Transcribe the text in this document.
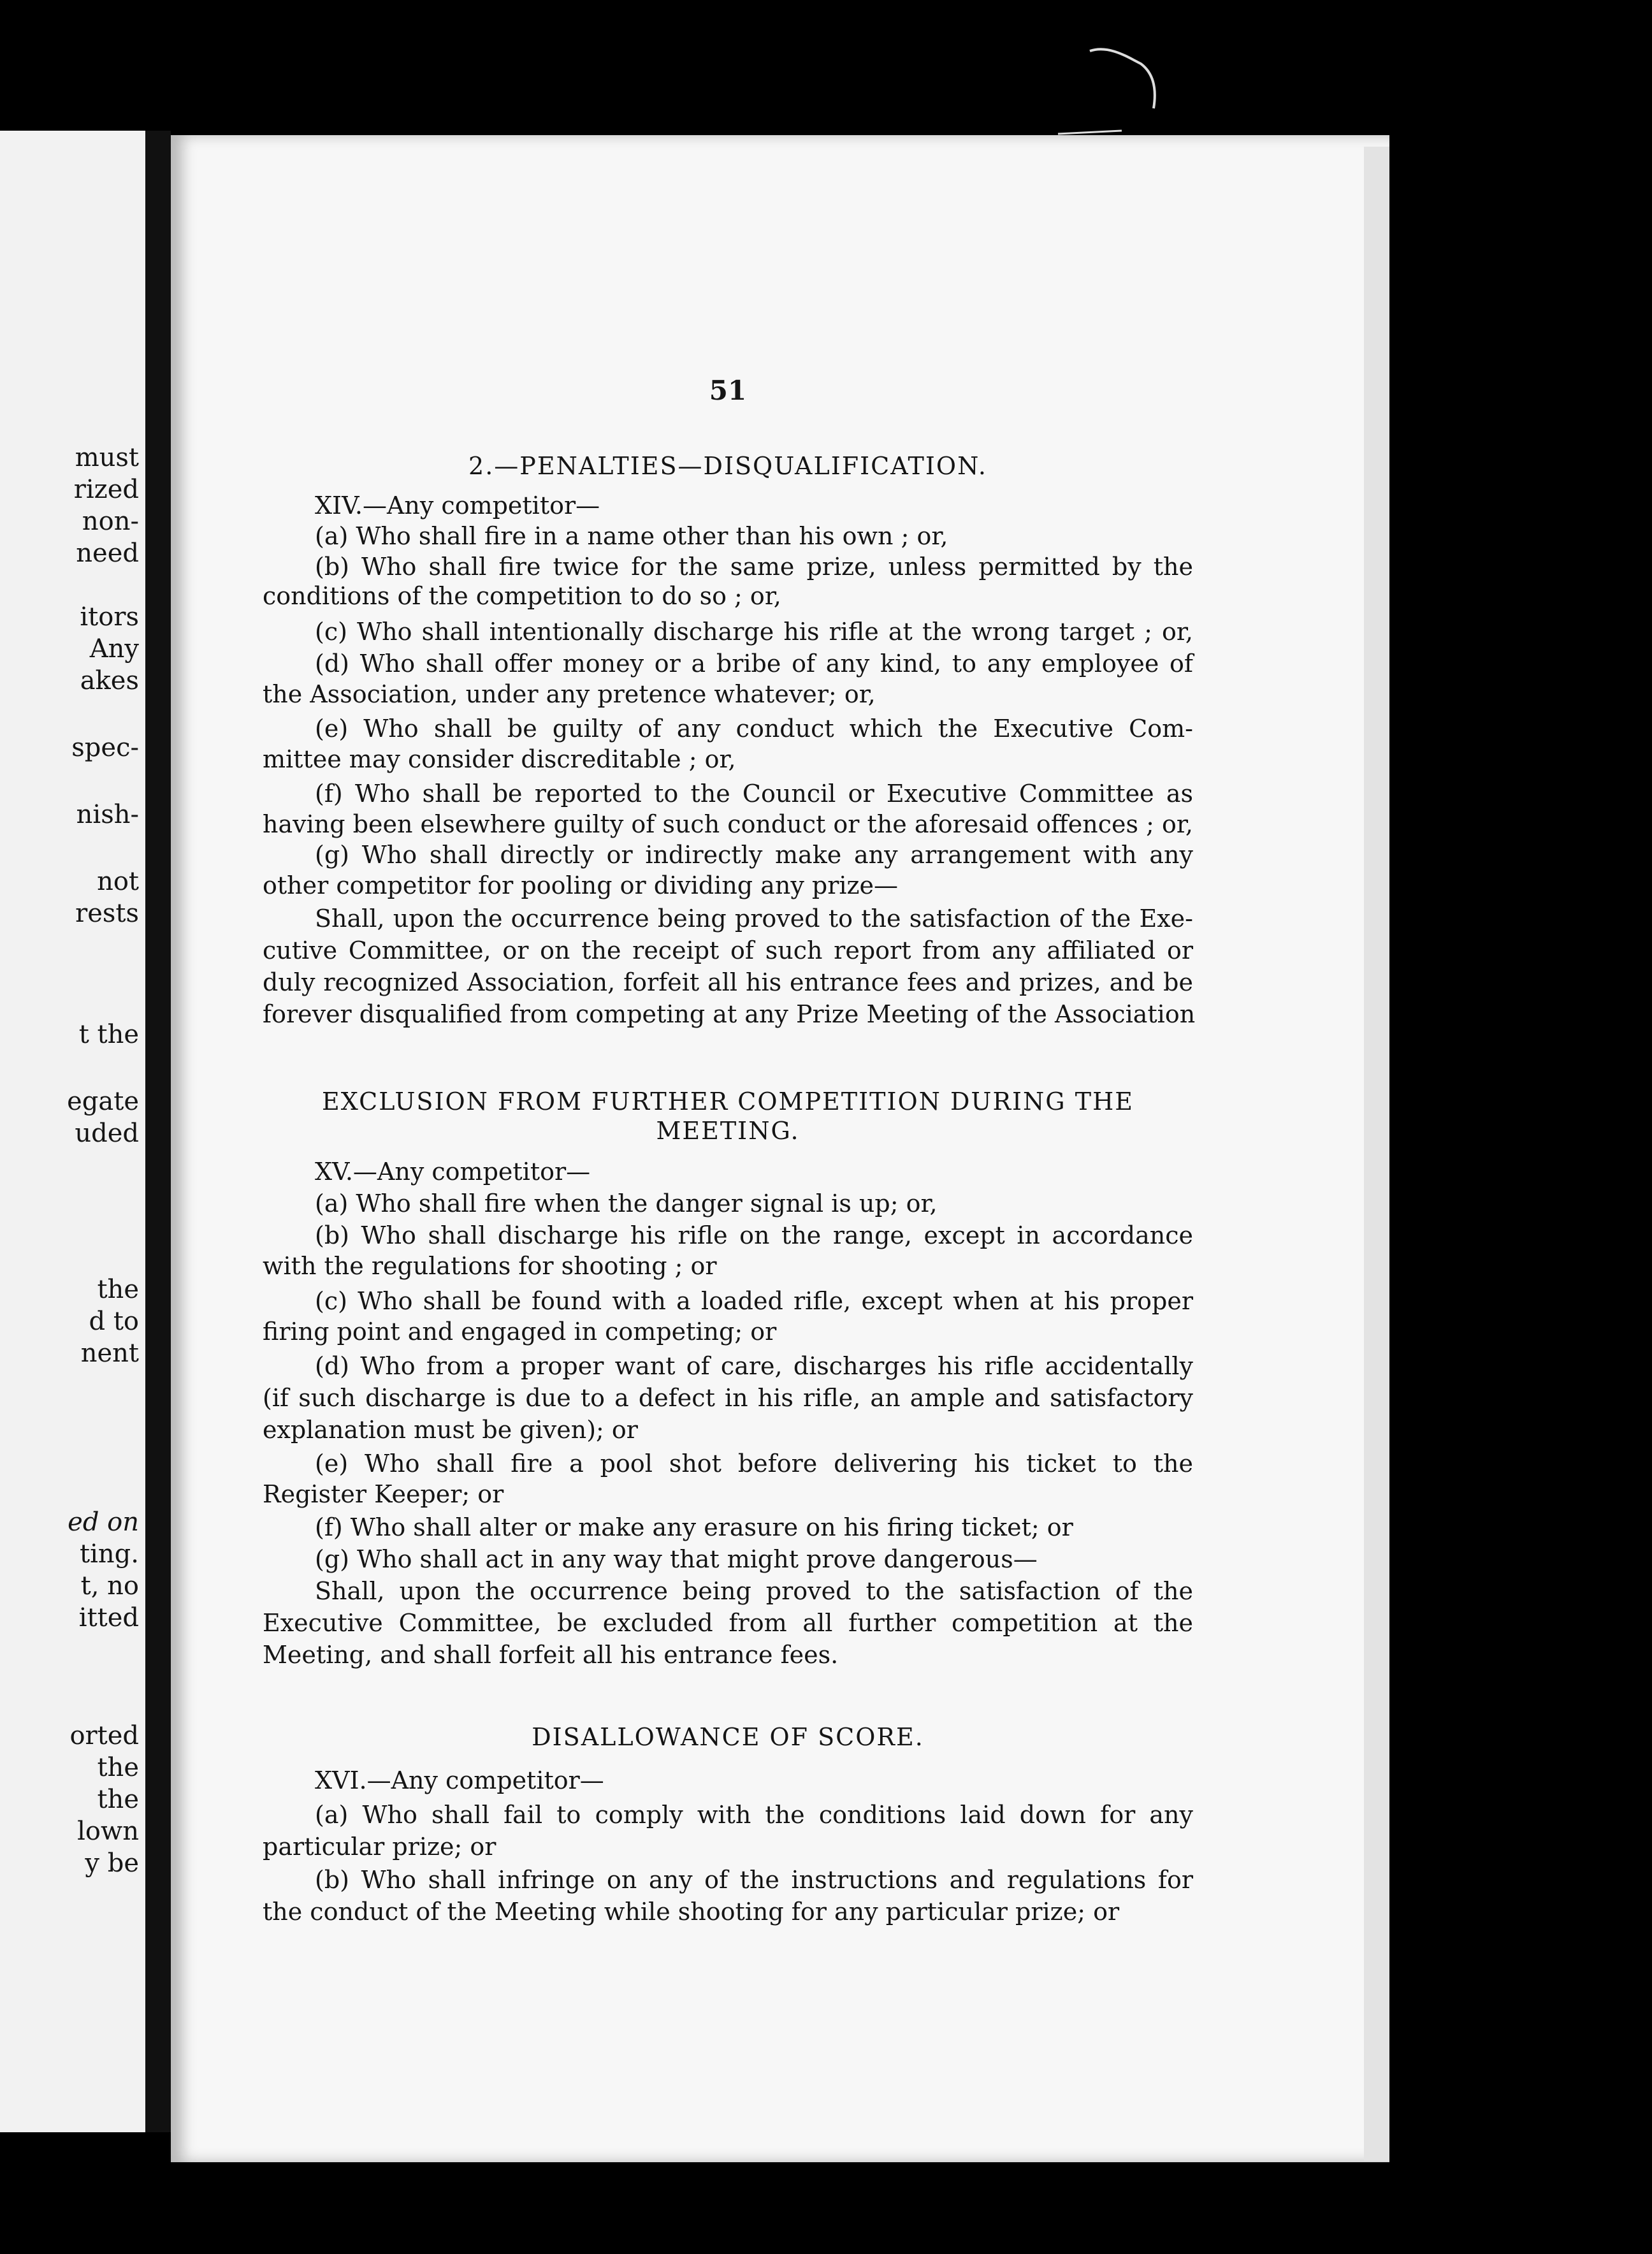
must
rized
non-
need
itors
Any
akes
spec-
nish-
not
rests
t the
egate
uded
the
d to
nent
ed on
ting.
t, no
itted
orted
the
the
lown
y be
51
2.—PENALTIES—DISQUALIFICATION.
XIV.—Any competitor—
(a) Who shall fire in a name other than his own ; or,
(b) Who shall fire twice for the same prize, unless permitted by the
conditions of the competition to do so ; or,
(c) Who shall intentionally discharge his rifle at the wrong target ; or,
(d) Who shall offer money or a bribe of any kind, to any employee of
the Association, under any pretence whatever; or,
(e) Who shall be guilty of any conduct which the Executive Com-
mittee may consider discreditable ; or,
(f) Who shall be reported to the Council or Executive Committee as
having been elsewhere guilty of such conduct or the aforesaid offences ; or,
(g) Who shall directly or indirectly make any arrangement with any
other competitor for pooling or dividing any prize—
Shall, upon the occurrence being proved to the satisfaction of the Exe-
cutive Committee, or on the receipt of such report from any affiliated or
duly recognized Association, forfeit all his entrance fees and prizes, and be
forever disqualified from competing at any Prize Meeting of the Association
EXCLUSION FROM FURTHER COMPETITION DURING THE
MEETING.
XV.—Any competitor—
(a) Who shall fire when the danger signal is up; or,
(b) Who shall discharge his rifle on the range, except in accordance
with the regulations for shooting ; or
(c) Who shall be found with a loaded rifle, except when at his proper
firing point and engaged in competing; or
(d) Who from a proper want of care, discharges his rifle accidentally
(if such discharge is due to a defect in his rifle, an ample and satisfactory
explanation must be given); or
(e) Who shall fire a pool shot before delivering his ticket to the
Register Keeper; or
(f) Who shall alter or make any erasure on his firing ticket; or
(g) Who shall act in any way that might prove dangerous—
Shall, upon the occurrence being proved to the satisfaction of the
Executive Committee, be excluded from all further competition at the
Meeting, and shall forfeit all his entrance fees.
DISALLOWANCE OF SCORE.
XVI.—Any competitor—
(a) Who shall fail to comply with the conditions laid down for any
particular prize; or
(b) Who shall infringe on any of the instructions and regulations for
the conduct of the Meeting while shooting for any particular prize; or
